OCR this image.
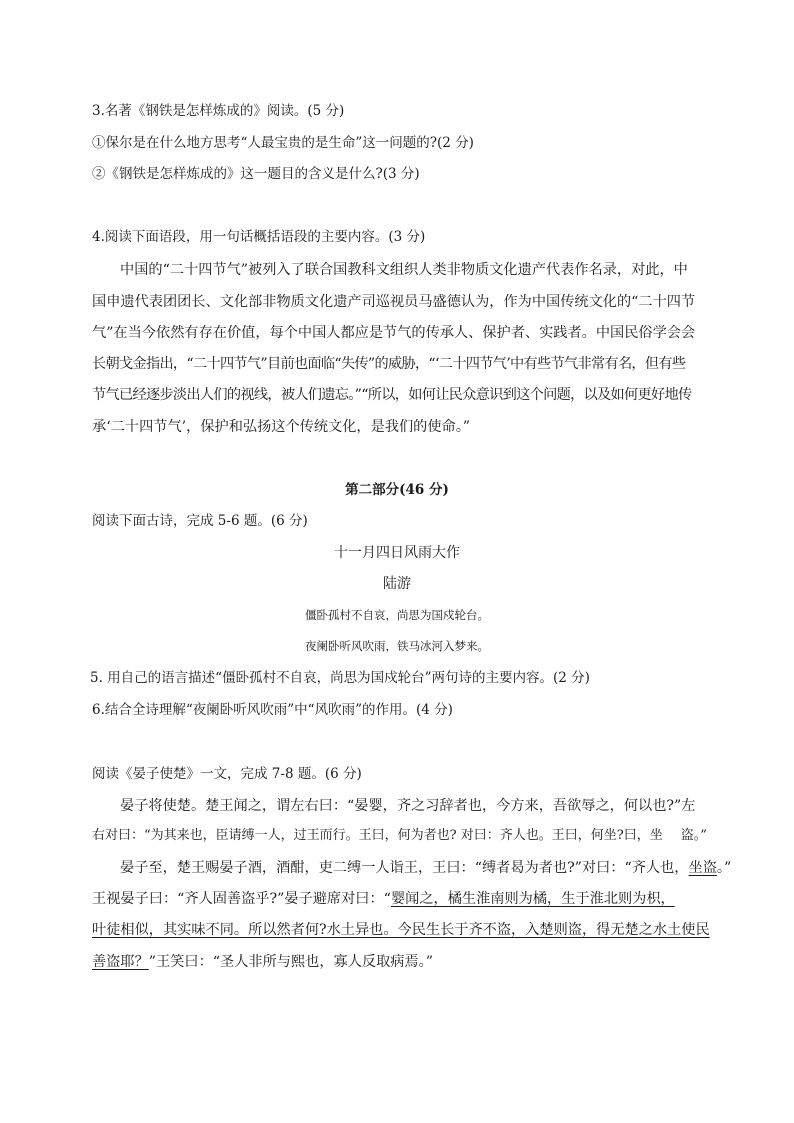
3.名著《钢铁是怎样炼成的》阅读。(5 分)
①保尔是在什么地方思考“人最宝贵的是生命”这一问题的?(2 分)
②《钢铁是怎样炼成的》这一题目的含义是什么?(3 分)
4.阅读下面语段，用一句话概括语段的主要内容。(3 分)
中国的“二十四节气”被列入了联合国教科文组织人类非物质文化遗产代表作名录，对此，中
国申遗代表团团长、文化部非物质文化遗产司巡视员马盛德认为，作为中国传统文化的“二十四节
气”在当今依然有存在价值，每个中国人都应是节气的传承人、保护者、实践者。中国民俗学会会
长朝戈金指出，“二十四节气”目前也面临“失传”的威胁，“‘二十四节气’中有些节气非常有名，但有些
节气已经逐步淡出人们的视线，被人们遗忘。”“所以，如何让民众意识到这个问题，以及如何更好地传
承‘二十四节气’，保护和弘扬这个传统文化，是我们的使命。”
第二部分(46 分)
阅读下面古诗，完成 5-6 题。(6 分)
十一月四日风雨大作
陆游
僵卧孤村不自哀，尚思为国戍轮台。
夜阑卧听风吹雨，铁马冰河入梦来。
5. 用自己的语言描述“僵卧孤村不自哀，尚思为国戍轮台”两句诗的主要内容。(2 分)
6.结合全诗理解“夜阑卧听风吹雨”中“风吹雨”的作用。(4 分)
阅读《晏子使楚》一文，完成 7-8 题。(6 分)
晏子将使楚。楚王闻之，谓左右曰：“晏婴，齐之习辞者也，今方来，吾欲辱之，何以也?”左
右对曰：“为其来也，臣请缚一人，过王而行。王曰，何为者也? 对曰：齐人也。王曰，何坐?曰，坐 盗。”
晏子至，楚王赐晏子酒，酒酣，吏二缚一人诣王，王曰：“缚者曷为者也?”对曰：“齐人也，坐盗。”
王视晏子曰：“齐人固善盗乎?”晏子避席对曰：“婴闻之，橘生淮南则为橘，生于淮北则为枳，
叶徒相似，其实味不同。所以然者何?水土异也。今民生长于齐不盗，入楚则盗，得无楚之水土使民
善盗耶？”王笑曰：“圣人非所与熙也，寡人反取病焉。”
